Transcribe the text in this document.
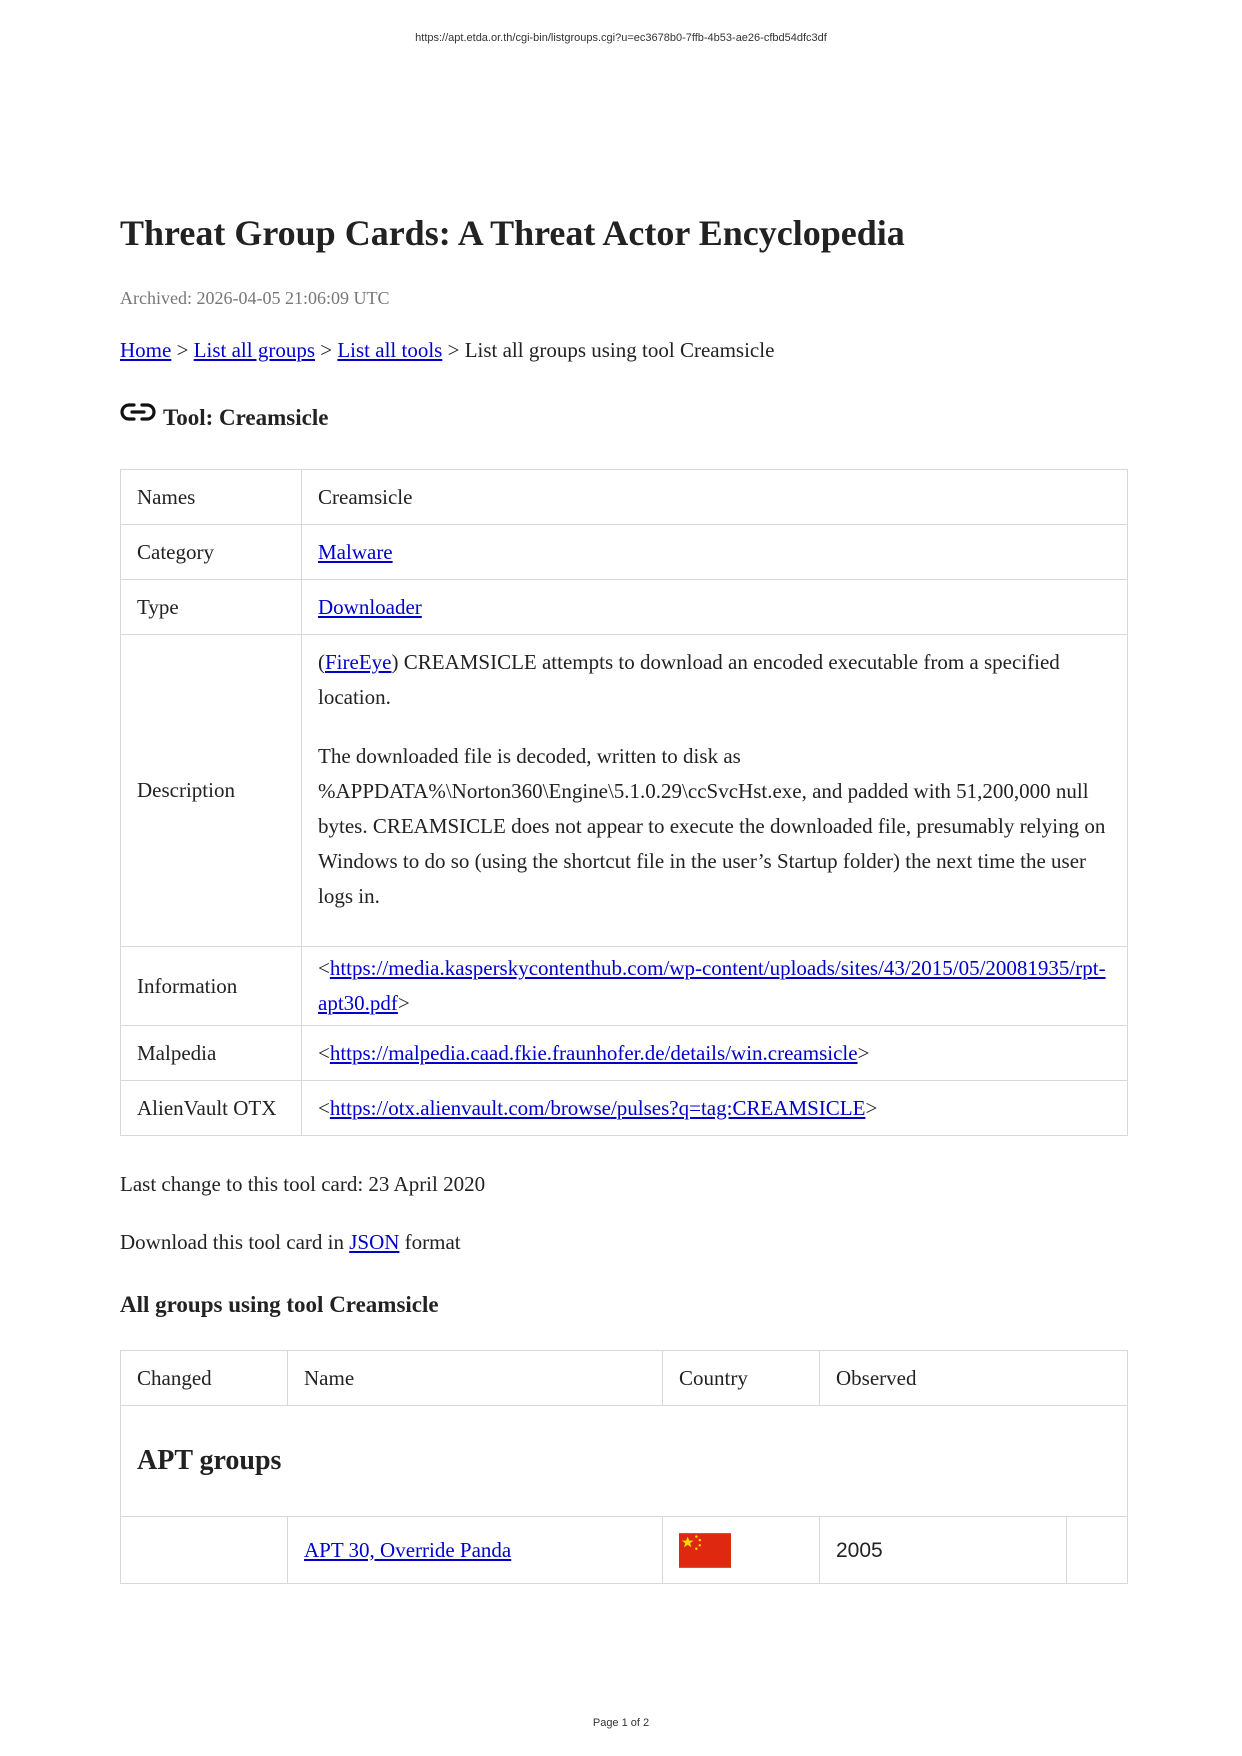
https://apt.etda.or.th/cgi-bin/listgroups.cgi?u=ec3678b0-7ffb-4b53-ae26-cfbd54dfc3df
Threat Group Cards: A Threat Actor Encyclopedia
Archived: 2026-04-05 21:06:09 UTC
Home > List all groups > List all tools > List all groups using tool Creamsicle
Tool: Creamsicle
Names	Creamsicle
Category	Malware
Type	Downloader
Description	(FireEye) CREAMSICLE attempts to download an encoded executable from a specified location.

The downloaded file is decoded, written to disk as %APPDATA%\Norton360\Engine\5.1.0.29\ccSvcHst.exe, and padded with 51,200,000 null bytes. CREAMSICLE does not appear to execute the downloaded file, presumably relying on Windows to do so (using the shortcut file in the user’s Startup folder) the next time the user logs in.

Information	<https://media.kasperskycontenthub.com/wp-content/uploads/sites/43/2015/05/20081935/rpt-apt30.pdf>
Malpedia	<https://malpedia.caad.fkie.fraunhofer.de/details/win.creamsicle>
AlienVault OTX	<https://otx.alienvault.com/browse/pulses?q=tag:CREAMSICLE>
Last change to this tool card: 23 April 2020
Download this tool card in JSON format
All groups using tool Creamsicle
Changed	Name	Country	Observed	
APT groups				
	APT 30, Override Panda		2005	
Page 1 of 2
